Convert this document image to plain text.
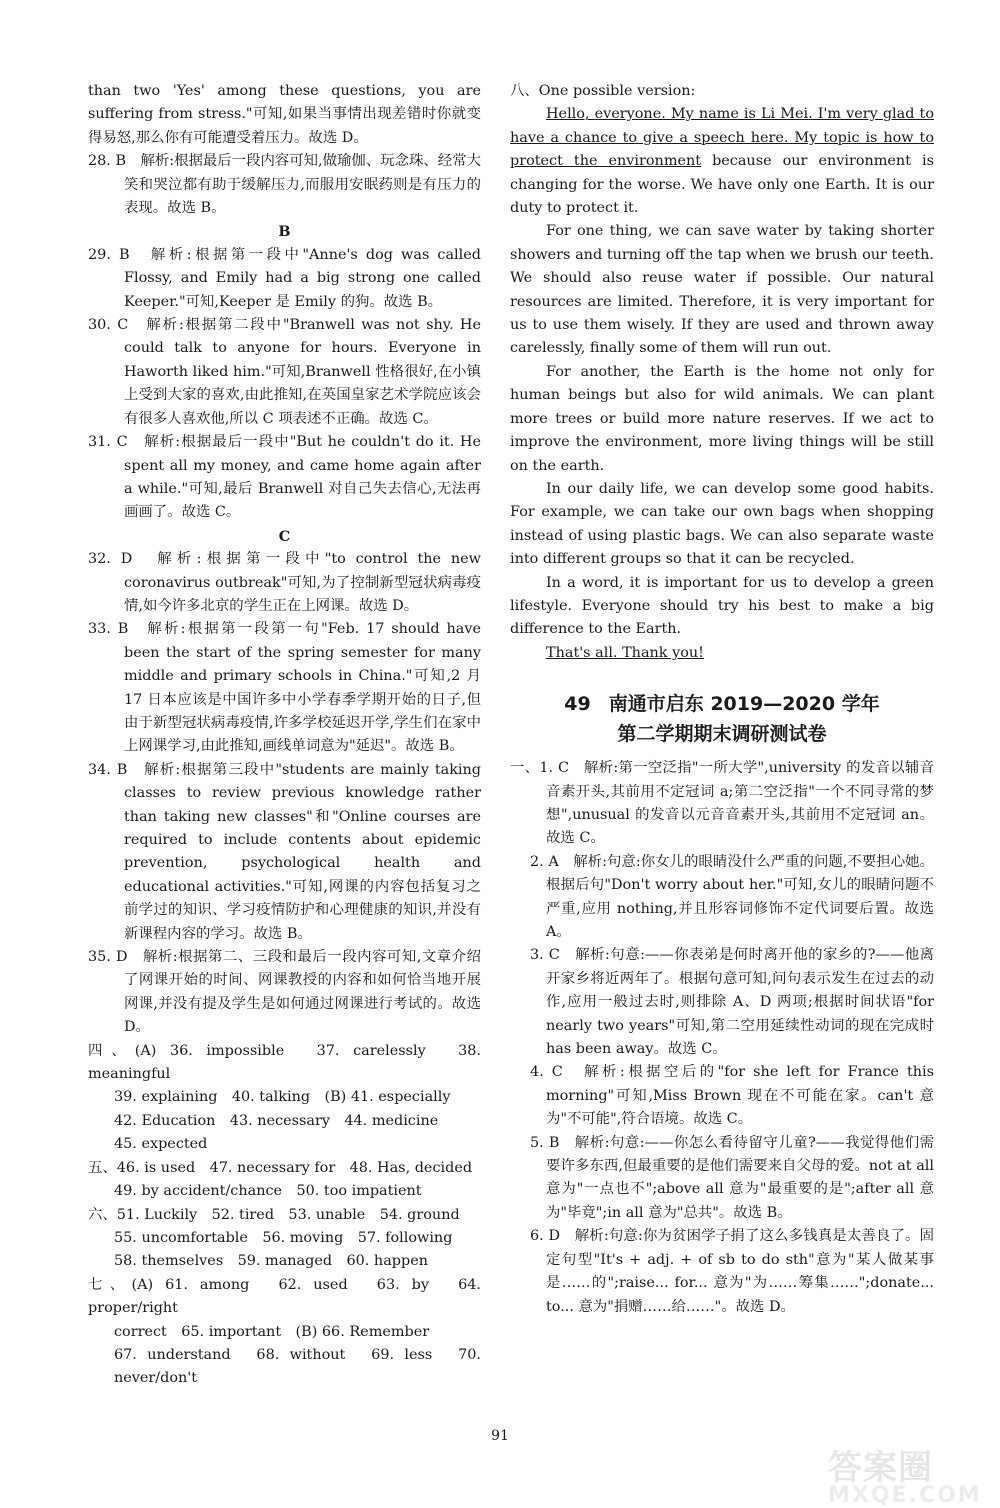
than two 'Yes' among these questions, you are suffering from stress."可知,如果当事情出现差错时你就变得易怒,那么你有可能遭受着压力。故选 D。

28. B　解析:根据最后一段内容可知,做瑜伽、玩念珠、经常大笑和哭泣都有助于缓解压力,而服用安眠药则是有压力的表现。故选 B。

B

29. B　解析:根据第一段中"Anne's dog was called Flossy, and Emily had a big strong one called Keeper."可知,Keeper 是 Emily 的狗。故选 B。

30. C　解析:根据第二段中"Branwell was not shy. He could talk to anyone for hours. Everyone in Haworth liked him."可知,Branwell 性格很好,在小镇上受到大家的喜欢,由此推知,在英国皇家艺术学院应该会有很多人喜欢他,所以 C 项表述不正确。故选 C。

31. C　解析:根据最后一段中"But he couldn't do it. He spent all my money, and came home again after a while."可知,最后 Branwell 对自己失去信心,无法再画画了。故选 C。

C

32. D　解析:根据第一段中"to control the new coronavirus outbreak"可知,为了控制新型冠状病毒疫情,如今许多北京的学生正在上网课。故选 D。

33. B　解析:根据第一段第一句"Feb. 17 should have been the start of the spring semester for many middle and primary schools in China."可知,2 月 17 日本应该是中国许多中小学春季学期开始的日子,但由于新型冠状病毒疫情,许多学校延迟开学,学生们在家中上网课学习,由此推知,画线单词意为"延迟"。故选 B。

34. B　解析:根据第三段中"students are mainly taking classes to review previous knowledge rather than taking new classes"和"Online courses are required to include contents about epidemic prevention, psychological health and educational activities."可知,网课的内容包括复习之前学过的知识、学习疫情防护和心理健康的知识,并没有新课程内容的学习。故选 B。

35. D　解析:根据第二、三段和最后一段内容可知,文章介绍了网课开始的时间、网课教授的内容和如何恰当地开展网课,并没有提及学生是如何通过网课进行考试的。故选 D。

四、(A) 36. impossible　37. carelessly　38. meaningful

39. explaining　40. talking　(B) 41. especially

42. Education　43. necessary　44. medicine

45. expected

五、46. is used　47. necessary for　48. Has, decided

49. by accident/chance　50. too impatient

六、51. Luckily　52. tired　53. unable　54. ground

55. uncomfortable　56. moving　57. following

58. themselves　59. managed　60. happen

七、(A) 61. among　62. used　63. by　64. proper/right

correct　65. important　(B) 66. Remember

67. understand　68. without　69. less　70. never/don't

八、One possible version:

Hello, everyone. My name is Li Mei. I'm very glad to have a chance to give a speech here. My topic is how to protect the environment because our environment is changing for the worse. We have only one Earth. It is our duty to protect it.

For one thing, we can save water by taking shorter showers and turning off the tap when we brush our teeth. We should also reuse water if possible. Our natural resources are limited. Therefore, it is very important for us to use them wisely. If they are used and thrown away carelessly, finally some of them will run out.

For another, the Earth is the home not only for human beings but also for wild animals. We can plant more trees or build more nature reserves. If we act to improve the environment, more living things will be still on the earth.

In our daily life, we can develop some good habits. For example, we can take our own bags when shopping instead of using plastic bags. We can also separate waste into different groups so that it can be recycled.

In a word, it is important for us to develop a green lifestyle. Everyone should try his best to make a big difference to the Earth.

That's all. Thank you!

49 南通市启东 2019—2020 学年
第二学期期末调研测试卷

一、1. C　解析:第一空泛指"一所大学",university 的发音以辅音音素开头,其前用不定冠词 a;第二空泛指"一个不同寻常的梦想",unusual 的发音以元音音素开头,其前用不定冠词 an。故选 C。

2. A　解析:句意:你女儿的眼睛没什么严重的问题,不要担心她。根据后句"Don't worry about her."可知,女儿的眼睛问题不严重,应用 nothing,并且形容词修饰不定代词要后置。故选 A。

3. C　解析:句意:——你表弟是何时离开他的家乡的?——他离开家乡将近两年了。根据句意可知,问句表示发生在过去的动作,应用一般过去时,则排除 A、D 两项;根据时间状语"for nearly two years"可知,第二空用延续性动词的现在完成时 has been away。故选 C。

4. C　解析:根据空后的"for she left for France this morning"可知,Miss Brown 现在不可能在家。can't 意为"不可能",符合语境。故选 C。

5. B　解析:句意:——你怎么看待留守儿童?——我觉得他们需要许多东西,但最重要的是他们需要来自父母的爱。not at all 意为"一点也不";above all 意为"最重要的是";after all 意为"毕竟";in all 意为"总共"。故选 B。

6. D　解析:句意:你为贫困学子捐了这么多钱真是太善良了。固定句型"It's + adj. + of sb to do sth"意为"某人做某事是……的";raise... for... 意为"为……筹集……";donate... to... 意为"捐赠……给……"。故选 D。

91
答案圈
MXQE.COM
